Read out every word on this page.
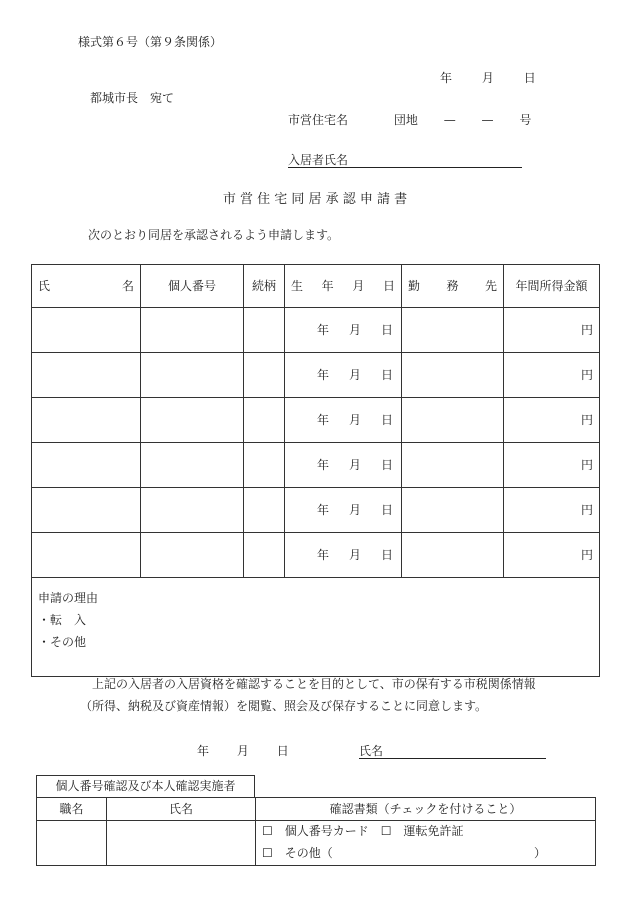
様式第６号（第９条関係）
年 月 日
都城市長　宛て
市営住宅名	団地 — — 号
入居者氏名
市 営 住 宅 同 居 承 認 申 請 書
次のとおり同居を承認されるよう申請します。
氏 名	個人番号	続柄	生 年 月 日	勤 務 先	年間所得金額

			年 月 日		円

			年 月 日		円

			年 月 日		円

			年 月 日		円

			年 月 日		円

			年 月 日		円

申請の理由
・転　入
・その他					
上記の入居者の入居資格を確認することを目的として、市の保有する市税関係情報
（所得、納税及び資産情報）を閲覧、照会及び保存することに同意します。
年 月 日	氏名
個人番号確認及び本人確認実施者
職名	氏名	確認書類（チェックを付けること）

		☐　個人番号カード　☐　運転免許証
☐　その他（ ）
